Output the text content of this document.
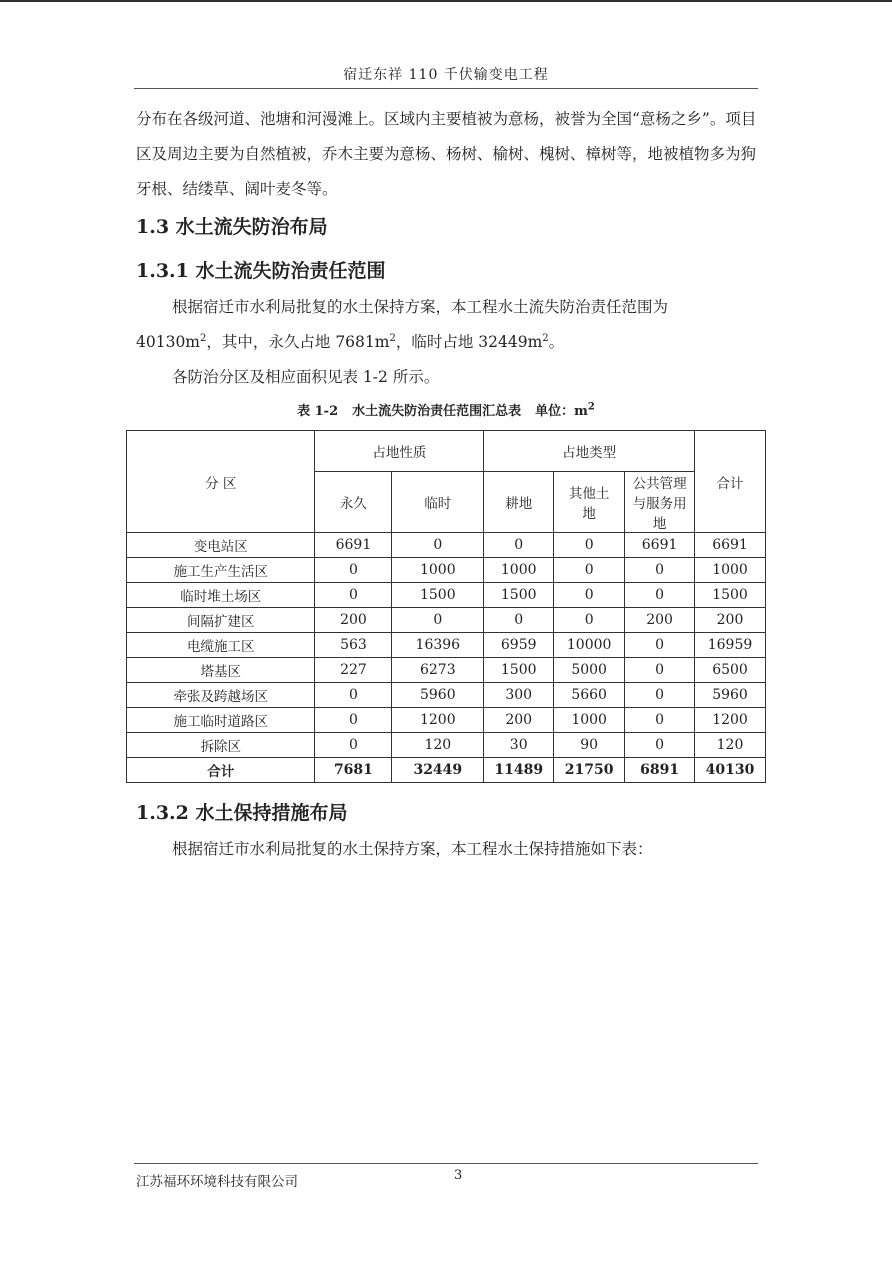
宿迁东祥 110 千伏输变电工程

分布在各级河道、池塘和河漫滩上。区域内主要植被为意杨，被誉为全国“意杨之乡”。项目区及周边主要为自然植被，乔木主要为意杨、杨树、榆树、槐树、樟树等，地被植物多为狗牙根、结缕草、阔叶麦冬等。

1.3 水土流失防治布局
1.3.1 水土流失防治责任范围

根据宿迁市水利局批复的水土保持方案，本工程水土流失防治责任范围为 $40130m^2$，其中，永久占地 $7681m^2$，临时占地 $32449m^2$。

各防治分区及相应面积见表 1-2 所示。

表 1-2 水土流失防治责任范围汇总表 单位：$m^2$
分 区	占地性质		占地类型			合计
	永久	临时	耕地	其他土地	公共管理与服务用地	
变电站区	6691	0	0	0	6691	6691
施工生产生活区	0	1000	1000	0	0	1000
临时堆土场区	0	1500	1500	0	0	1500
间隔扩建区	200	0	0	0	200	200
电缆施工区	563	16396	6959	10000	0	16959
塔基区	227	6273	1500	5000	0	6500
牵张及跨越场区	0	5960	300	5660	0	5960
施工临时道路区	0	1200	200	1000	0	1200
拆除区	0	120	30	90	0	120
合计	7681	32449	11489	21750	6891	40130
1.3.2 水土保持措施布局

根据宿迁市水利局批复的水土保持方案，本工程水土保持措施如下表：

江苏福环环境科技有限公司	3
